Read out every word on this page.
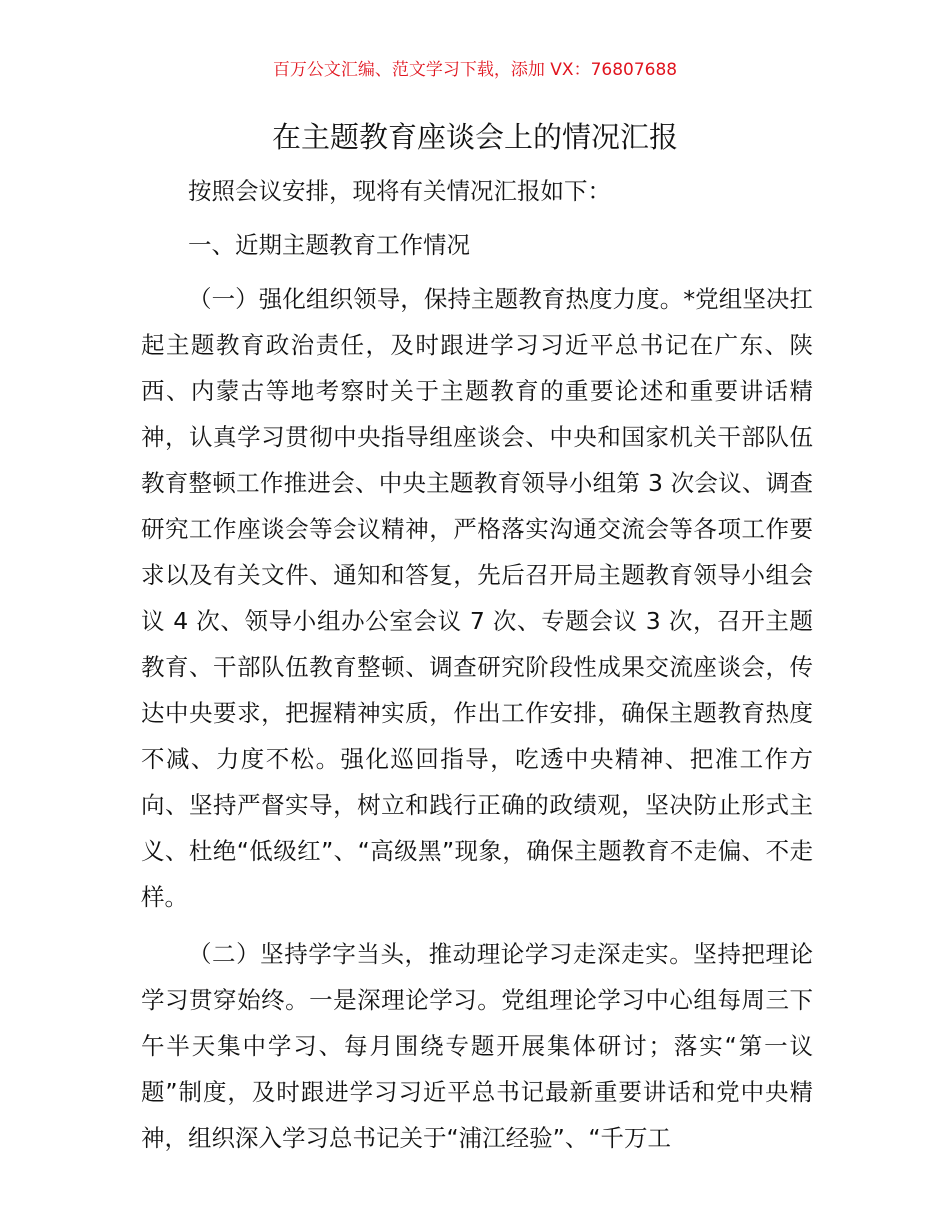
百万公文汇编、范文学习下载，添加 VX：76807688
在主题教育座谈会上的情况汇报

按照会议安排，现将有关情况汇报如下：

一、近期主题教育工作情况

（一）强化组织领导，保持主题教育热度力度。*党组坚决扛起主题教育政治责任，及时跟进学习习近平总书记在广东、陕西、内蒙古等地考察时关于主题教育的重要论述和重要讲话精神，认真学习贯彻中央指导组座谈会、中央和国家机关干部队伍教育整顿工作推进会、中央主题教育领导小组第 3 次会议、调查研究工作座谈会等会议精神，严格落实沟通交流会等各项工作要求以及有关文件、通知和答复，先后召开局主题教育领导小组会议 4 次、领导小组办公室会议 7 次、专题会议 3 次，召开主题教育、干部队伍教育整顿、调查研究阶段性成果交流座谈会，传达中央要求，把握精神实质，作出工作安排，确保主题教育热度不减、力度不松。强化巡回指导，吃透中央精神、把准工作方向、坚持严督实导，树立和践行正确的政绩观，坚决防止形式主义、杜绝“低级红”、“高级黑”现象，确保主题教育不走偏、不走样。

（二）坚持学字当头，推动理论学习走深走实。坚持把理论学习贯穿始终。一是深理论学习。党组理论学习中心组每周三下午半天集中学习、每月围绕专题开展集体研讨；落实“第一议题”制度，及时跟进学习习近平总书记最新重要讲话和党中央精神，组织深入学习总书记关于“浦江经验”、“千万工
